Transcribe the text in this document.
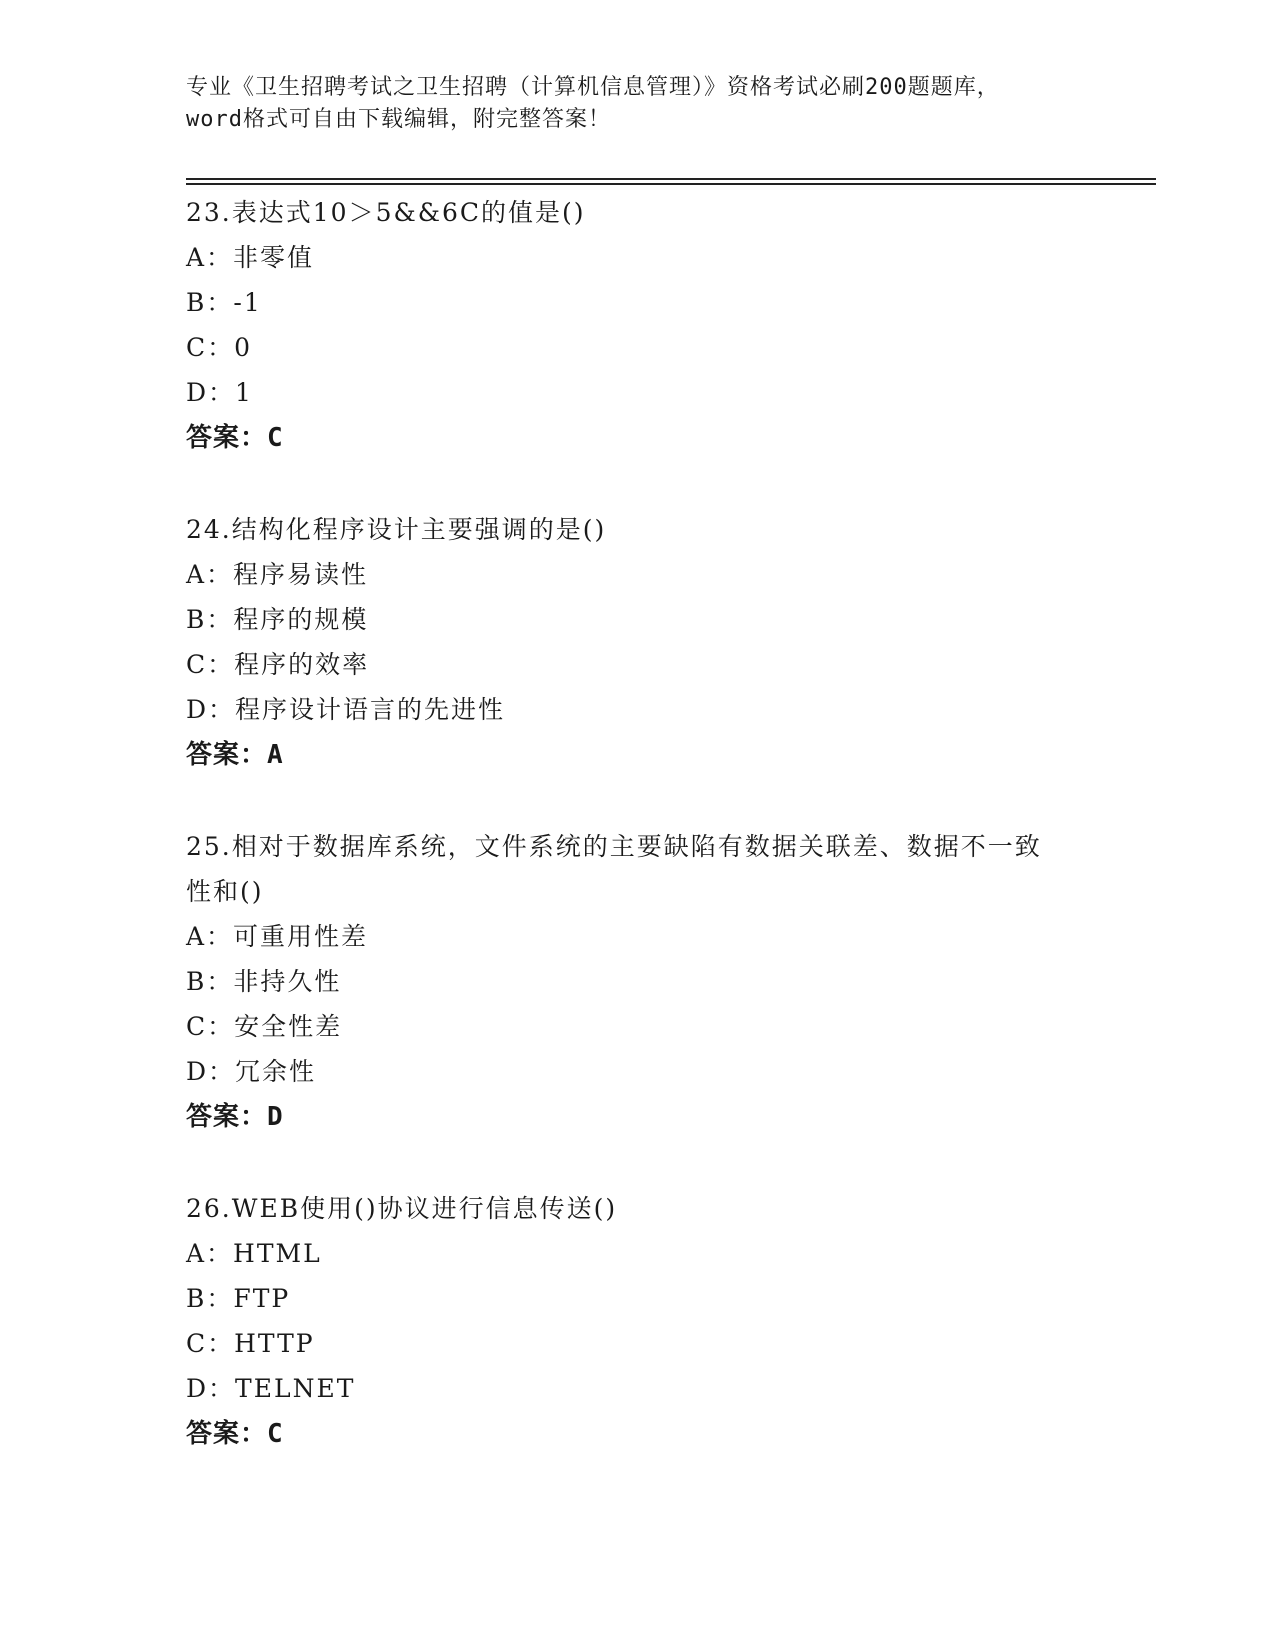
专业《卫生招聘考试之卫生招聘（计算机信息管理）》资格考试必刷200题题库，
word格式可自由下载编辑，附完整答案！
23.表达式10＞5&&6C的值是()
A：非零值
B：-1
C：0
D：1
答案：C
24.结构化程序设计主要强调的是()
A：程序易读性
B：程序的规模
C：程序的效率
D：程序设计语言的先进性
答案：A
25.相对于数据库系统，文件系统的主要缺陷有数据关联差、数据不一致性和()
A：可重用性差
B：非持久性
C：安全性差
D：冗余性
答案：D
26.WEB使用()协议进行信息传送()
A：HTML
B：FTP
C：HTTP
D：TELNET
答案：C
